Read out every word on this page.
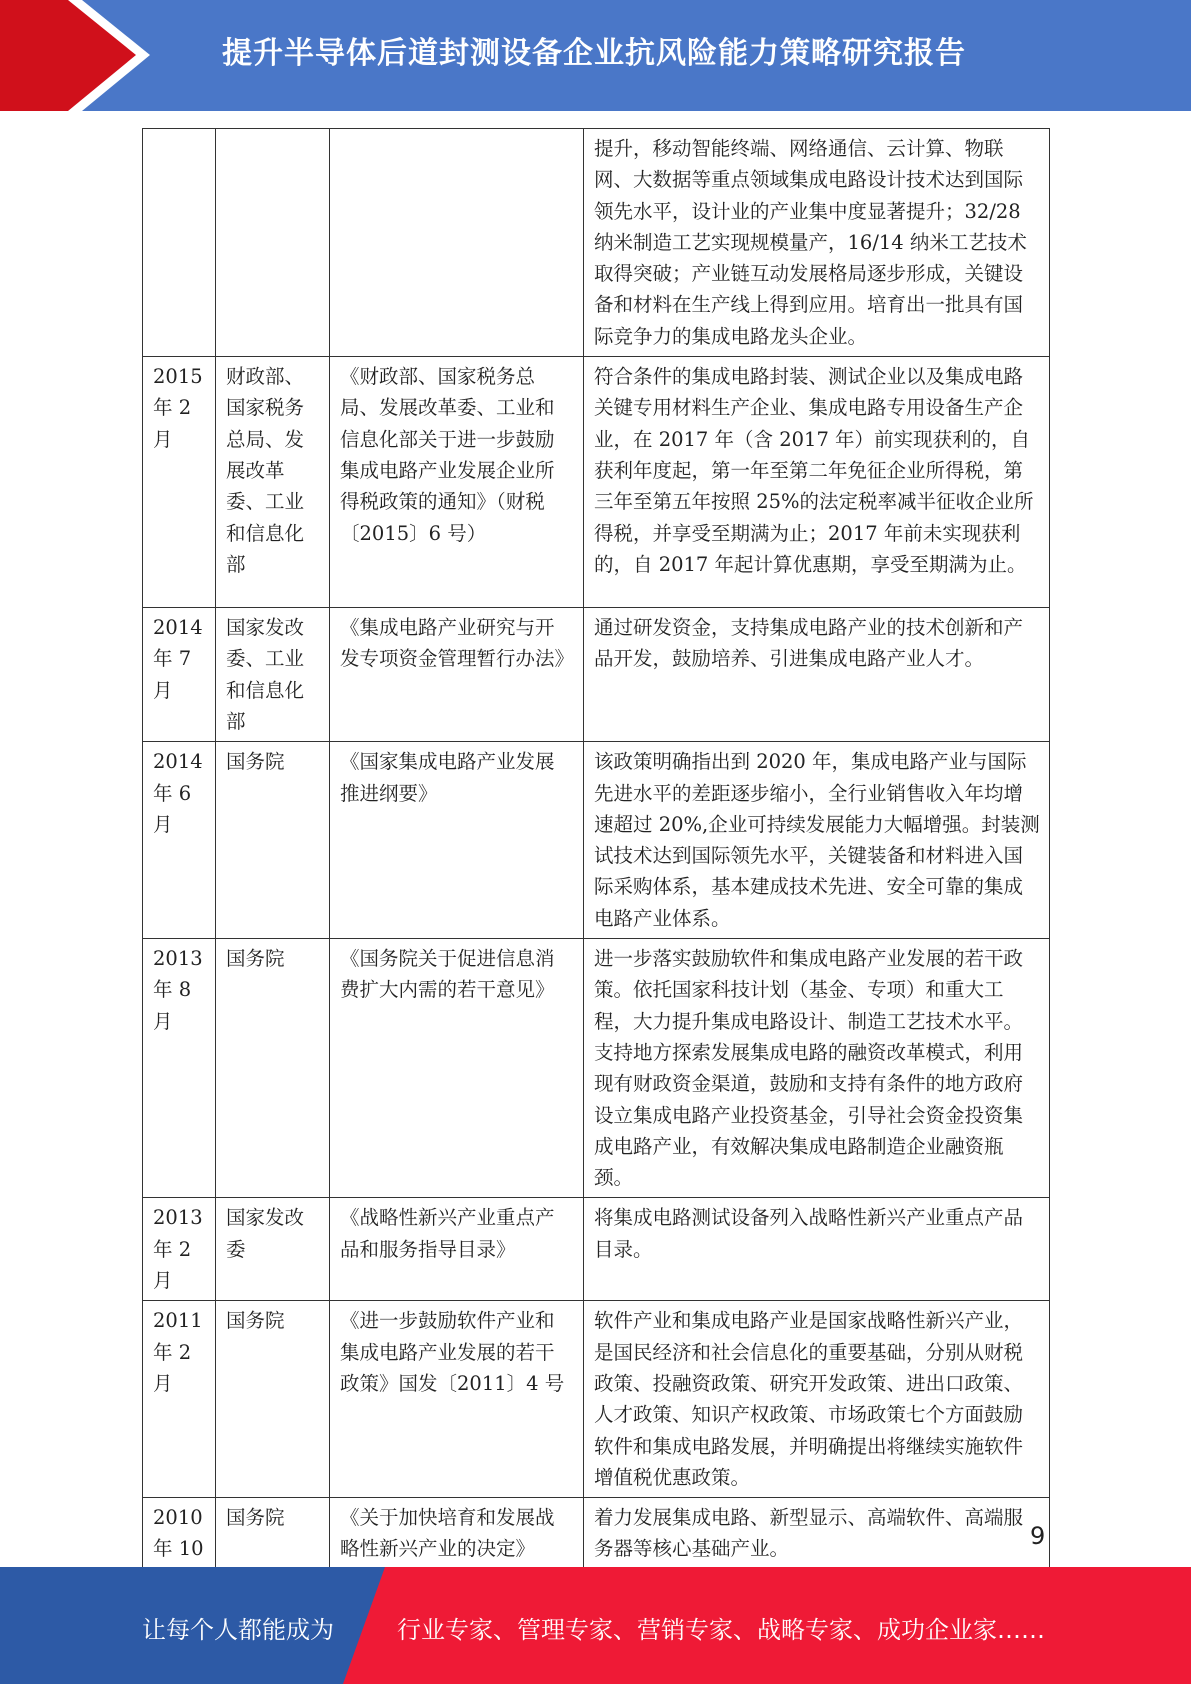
提升半导体后道封测设备企业抗风险能力策略研究报告
			提升，移动智能终端、网络通信、云计算、物联网、大数据等重点领域集成电路设计技术达到国际领先水平，设计业的产业集中度显著提升；32/28 纳米制造工艺实现规模量产，16/14 纳米工艺技术取得突破；产业链互动发展格局逐步形成，关键设备和材料在生产线上得到应用。培育出一批具有国际竞争力的集成电路龙头企业。
2015 年 2 月	财政部、国家税务总局、发展改革委、工业和信息化部	《财政部、国家税务总局、发展改革委、工业和信息化部关于进一步鼓励集成电路产业发展企业所得税政策的通知》（财税〔2015〕6 号）	符合条件的集成电路封装、测试企业以及集成电路关键专用材料生产企业、集成电路专用设备生产企业，在 2017 年（含 2017 年）前实现获利的，自获利年度起，第一年至第二年免征企业所得税，第三年至第五年按照 25%的法定税率减半征收企业所得税，并享受至期满为止；2017 年前未实现获利的，自 2017 年起计算优惠期，享受至期满为止。
2014 年 7 月	国家发改委、工业和信息化部	《集成电路产业研究与开发专项资金管理暂行办法》	通过研发资金，支持集成电路产业的技术创新和产品开发，鼓励培养、引进集成电路产业人才。
2014 年 6 月	国务院	《国家集成电路产业发展推进纲要》	该政策明确指出到 2020 年，集成电路产业与国际先进水平的差距逐步缩小，全行业销售收入年均增速超过 20%,企业可持续发展能力大幅增强。封装测试技术达到国际领先水平，关键装备和材料进入国际采购体系，基本建成技术先进、安全可靠的集成电路产业体系。
2013 年 8 月	国务院	《国务院关于促进信息消费扩大内需的若干意见》	进一步落实鼓励软件和集成电路产业发展的若干政策。依托国家科技计划（基金、专项）和重大工程，大力提升集成电路设计、制造工艺技术水平。支持地方探索发展集成电路的融资改革模式，利用现有财政资金渠道，鼓励和支持有条件的地方政府设立集成电路产业投资基金，引导社会资金投资集成电路产业，有效解决集成电路制造企业融资瓶颈。
2013 年 2 月	国家发改委	《战略性新兴产业重点产品和服务指导目录》	将集成电路测试设备列入战略性新兴产业重点产品目录。
2011 年 2 月	国务院	《进一步鼓励软件产业和集成电路产业发展的若干政策》国发〔2011〕4 号	软件产业和集成电路产业是国家战略性新兴产业，是国民经济和社会信息化的重要基础，分别从财税政策、投融资政策、研究开发政策、进出口政策、人才政策、知识产权政策、市场政策七个方面鼓励软件和集成电路发展，并明确提出将继续实施软件增值税优惠政策。
2010 年 10	国务院	《关于加快培育和发展战略性新兴产业的决定》	着力发展集成电路、新型显示、高端软件、高端服务器等核心基础产业。	9
让每个人都能成为	行业专家、管理专家、营销专家、战略专家、成功企业家……
